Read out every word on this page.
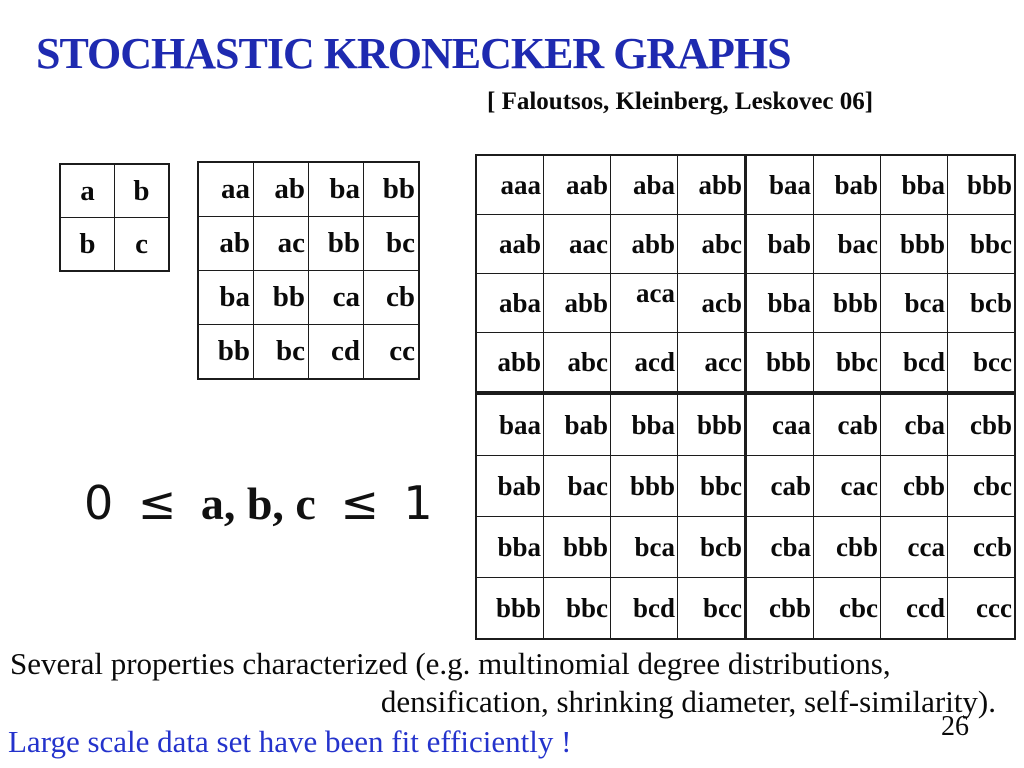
STOCHASTIC KRONECKER GRAPHS
[ Faloutsos, Kleinberg, Leskovec 06]
a	b
b	c
aa	ab	ba	bb
ab	ac	bb	bc
ba	bb	ca	cb
bb	bc	cd	cc
aaa	aab	aba	abb	baa	bab	bba	bbb
aab	aac	abb	abc	bab	bac	bbb	bbc
aba	abb	aca	acb	bba	bbb	bca	bcb
abb	abc	acd	acc	bbb	bbc	bcd	bcc
baa	bab	bba	bbb	caa	cab	cba	cbb
bab	bac	bbb	bbc	cab	cac	cbb	cbc
bba	bbb	bca	bcb	cba	cbb	cca	ccb
bbb	bbc	bcd	bcc	cbb	cbc	ccd	ccc
0 ≤ a, b, c ≤ 1
Several properties characterized (e.g. multinomial degree distributions,
densification, shrinking diameter, self-similarity).
Large scale data set have been fit efficiently !	26
